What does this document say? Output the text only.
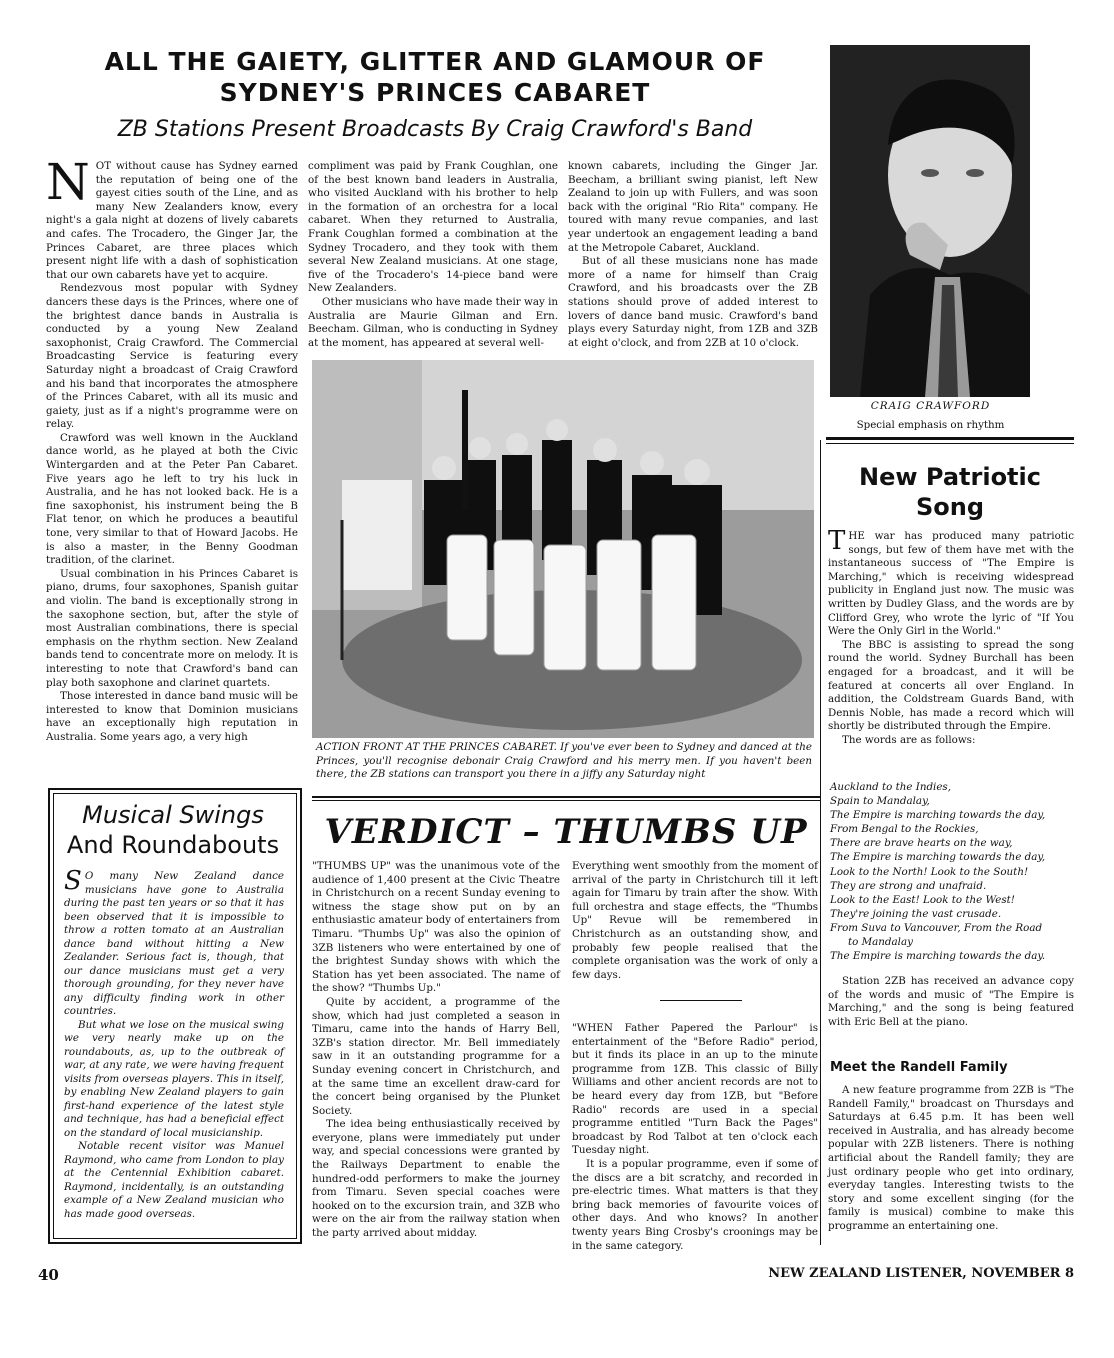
ALL THE GAIETY, GLITTER AND GLAMOUR OF
SYDNEY'S PRINCES CABARET
ZB Stations Present Broadcasts By Craig Crawford's Band

NOT without cause has Sydney earned the reputation of being one of the gayest cities south of the Line, and as many New Zealanders know, every night's a gala night at dozens of lively cabarets and cafes. The Trocadero, the Ginger Jar, the Princes Cabaret, are three places which present night life with a dash of sophistication that our own cabarets have yet to acquire.

Rendezvous most popular with Sydney dancers these days is the Princes, where one of the brightest dance bands in Australia is conducted by a young New Zealand saxophonist, Craig Crawford. The Commercial Broadcasting Service is featuring every Saturday night a broadcast of Craig Crawford and his band that incorporates the atmosphere of the Princes Cabaret, with all its music and gaiety, just as if a night's programme were on relay.

Crawford was well known in the Auckland dance world, as he played at both the Civic Wintergarden and at the Peter Pan Cabaret. Five years ago he left to try his luck in Australia, and he has not looked back. He is a fine saxophonist, his instrument being the B Flat tenor, on which he produces a beautiful tone, very similar to that of Howard Jacobs. He is also a master, in the Benny Goodman tradition, of the clarinet.

Usual combination in his Princes Cabaret is piano, drums, four saxophones, Spanish guitar and violin. The band is exceptionally strong in the saxophone section, but, after the style of most Australian combinations, there is special emphasis on the rhythm section. New Zealand bands tend to concentrate more on melody. It is interesting to note that Crawford's band can play both saxophone and clarinet quartets.

Those interested in dance band music will be interested to know that Dominion musicians have an exceptionally high reputation in Australia. Some years ago, a very high

compliment was paid by Frank Coughlan, one of the best known band leaders in Australia, who visited Auckland with his brother to help in the formation of an orchestra for a local cabaret. When they returned to Australia, Frank Coughlan formed a combination at the Sydney Trocadero, and they took with them several New Zealand musicians. At one stage, five of the Trocadero's 14-piece band were New Zealanders.

Other musicians who have made their way in Australia are Maurie Gilman and Ern. Beecham. Gilman, who is conducting in Sydney at the moment, has appeared at several well-

known cabarets, including the Ginger Jar. Beecham, a brilliant swing pianist, left New Zealand to join up with Fullers, and was soon back with the original "Rio Rita" company. He toured with many revue companies, and last year undertook an engagement leading a band at the Metropole Cabaret, Auckland.

But of all these musicians none has made more of a name for himself than Craig Crawford, and his broadcasts over the ZB stations should prove of added interest to lovers of dance band music. Crawford's band plays every Saturday night, from 1ZB and 3ZB at eight o'clock, and from 2ZB at 10 o'clock.

CRAIG CRAWFORD
Special emphasis on rhythm
ACTION FRONT AT THE PRINCES CABARET. If you've ever been to Sydney and danced at the Princes, you'll recognise debonair Craig Crawford and his merry men. If you haven't been there, the ZB stations can transport you there in a jiffy any Saturday night
Musical Swings
And Roundabouts

S O many New Zealand dance musicians have gone to Australia during the past ten years or so that it has been observed that it is impossible to throw a rotten tomato at an Australian dance band without hitting a New Zealander. Serious fact is, though, that our dance musicians must get a very thorough grounding, for they never have any difficulty finding work in other countries.

But what we lose on the musical swing we very nearly make up on the roundabouts, as, up to the outbreak of war, at any rate, we were having frequent visits from overseas players. This in itself, by enabling New Zealand players to gain first-hand experience of the latest style and technique, has had a beneficial effect on the standard of local musicianship.

Notable recent visitor was Manuel Raymond, who came from London to play at the Centennial Exhibition cabaret. Raymond, incidentally, is an outstanding example of a New Zealand musician who has made good overseas.

VERDICT – THUMBS UP

"THUMBS UP" was the unanimous vote of the audience of 1,400 present at the Civic Theatre in Christchurch on a recent Sunday evening to witness the stage show put on by an enthusiastic amateur body of entertainers from Timaru. "Thumbs Up" was also the opinion of 3ZB listeners who were entertained by one of the brightest Sunday shows with which the Station has yet been associated. The name of the show? "Thumbs Up."

Quite by accident, a programme of the show, which had just completed a season in Timaru, came into the hands of Harry Bell, 3ZB's station director. Mr. Bell immediately saw in it an outstanding programme for a Sunday evening concert in Christchurch, and at the same time an excellent draw-card for the concert being organised by the Plunket Society.

The idea being enthusiastically received by everyone, plans were immediately put under way, and special concessions were granted by the Railways Department to enable the hundred-odd performers to make the journey from Timaru. Seven special coaches were hooked on to the excursion train, and 3ZB who were on the air from the railway station when the party arrived about midday.

Everything went smoothly from the moment of arrival of the party in Christchurch till it left again for Timaru by train after the show. With full orchestra and stage effects, the "Thumbs Up" Revue will be remembered in Christchurch as an outstanding show, and probably few people realised that the complete organisation was the work of only a few days.

"WHEN Father Papered the Parlour" is entertainment of the "Before Radio" period, but it finds its place in an up to the minute programme from 1ZB. This classic of Billy Williams and other ancient records are not to be heard every day from 1ZB, but "Before Radio" records are used in a special programme entitled "Turn Back the Pages" broadcast by Rod Talbot at ten o'clock each Tuesday night.

It is a popular programme, even if some of the discs are a bit scratchy, and recorded in pre-electric times. What matters is that they bring back memories of favourite voices of other days. And who knows? In another twenty years Bing Crosby's croonings may be in the same category.

New Patriotic
Song

THE war has produced many patriotic songs, but few of them have met with the instantaneous success of "The Empire is Marching," which is receiving widespread publicity in England just now. The music was written by Dudley Glass, and the words are by Clifford Grey, who wrote the lyric of "If You Were the Only Girl in the World."

The BBC is assisting to spread the song round the world. Sydney Burchall has been engaged for a broadcast, and it will be featured at concerts all over England. In addition, the Coldstream Guards Band, with Dennis Noble, has made a record which will shortly be distributed through the Empire.

The words are as follows:

Auckland to the Indies,
Spain to Mandalay,
The Empire is marching towards the day,
From Bengal to the Rockies,
There are brave hearts on the way,
The Empire is marching towards the day,
Look to the North! Look to the South!
They are strong and unafraid.
Look to the East! Look to the West!
They're joining the vast crusade.
From Suva to Vancouver, From the Road
to Mandalay
The Empire is marching towards the day.

Station 2ZB has received an advance copy of the words and music of "The Empire is Marching," and the song is being featured with Eric Bell at the piano.

Meet the Randell Family

A new feature programme from 2ZB is "The Randell Family," broadcast on Thursdays and Saturdays at 6.45 p.m. It has been well received in Australia, and has already become popular with 2ZB listeners. There is nothing artificial about the Randell family; they are just ordinary people who get into ordinary, everyday tangles. Interesting twists to the story and some excellent singing (for the family is musical) combine to make this programme an entertaining one.

40	NEW ZEALAND LISTENER, NOVEMBER 8
